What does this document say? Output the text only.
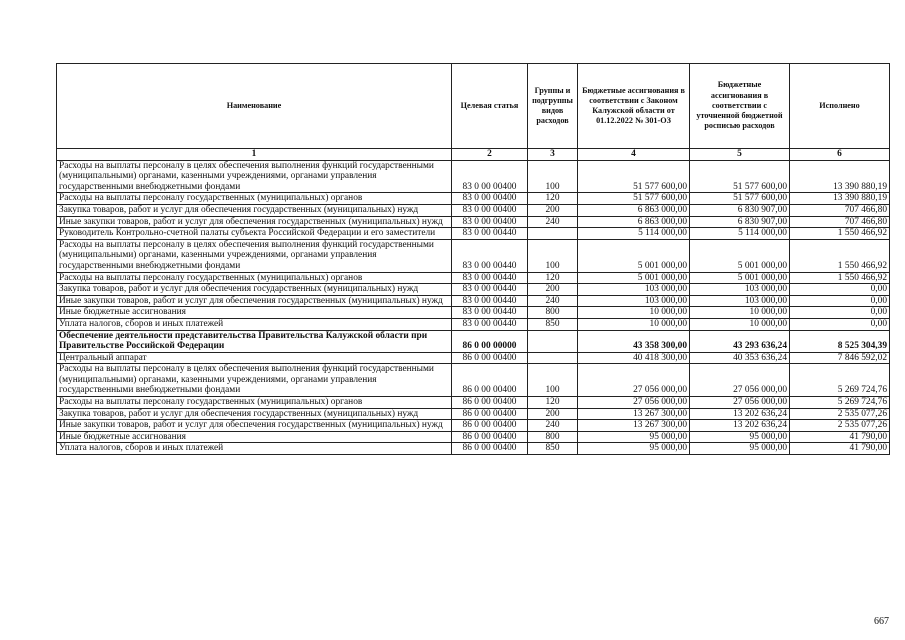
Наименование	Целевая статья	Группы и подгруппы видов расходов	Бюджетные ассигнования в соответствии с Законом Калужской области от 01.12.2022 № 301-ОЗ	Бюджетные ассигнования в соответствии с уточненной бюджетной росписью расходов	Исполнено
1	2	3	4	5	6
Расходы на выплаты персоналу в целях обеспечения выполнения функций государственными (муниципальными) органами, казенными учреждениями, органами управления государственными внебюджетными фондами	83 0 00 00400	100	51 577 600,00	51 577 600,00	13 390 880,19
Расходы на выплаты персоналу государственных (муниципальных) органов	83 0 00 00400	120	51 577 600,00	51 577 600,00	13 390 880,19
Закупка товаров, работ и услуг для обеспечения государственных (муниципальных) нужд	83 0 00 00400	200	6 863 000,00	6 830 907,00	707 466,80
Иные закупки товаров, работ и услуг для обеспечения государственных (муниципальных) нужд	83 0 00 00400	240	6 863 000,00	6 830 907,00	707 466,80
Руководитель Контрольно-счетной палаты субъекта Российской Федерации и его заместители	83 0 00 00440		5 114 000,00	5 114 000,00	1 550 466,92
Расходы на выплаты персоналу в целях обеспечения выполнения функций государственными (муниципальными) органами, казенными учреждениями, органами управления государственными внебюджетными фондами	83 0 00 00440	100	5 001 000,00	5 001 000,00	1 550 466,92
Расходы на выплаты персоналу государственных (муниципальных) органов	83 0 00 00440	120	5 001 000,00	5 001 000,00	1 550 466,92
Закупка товаров, работ и услуг для обеспечения государственных (муниципальных) нужд	83 0 00 00440	200	103 000,00	103 000,00	0,00
Иные закупки товаров, работ и услуг для обеспечения государственных (муниципальных) нужд	83 0 00 00440	240	103 000,00	103 000,00	0,00
Иные бюджетные ассигнования	83 0 00 00440	800	10 000,00	10 000,00	0,00
Уплата налогов, сборов и иных платежей	83 0 00 00440	850	10 000,00	10 000,00	0,00
Обеспечение деятельности представительства Правительства Калужской области при Правительстве Российской Федерации	86 0 00 00000		43 358 300,00	43 293 636,24	8 525 304,39
Центральный аппарат	86 0 00 00400		40 418 300,00	40 353 636,24	7 846 592,02
Расходы на выплаты персоналу в целях обеспечения выполнения функций государственными (муниципальными) органами, казенными учреждениями, органами управления государственными внебюджетными фондами	86 0 00 00400	100	27 056 000,00	27 056 000,00	5 269 724,76
Расходы на выплаты персоналу государственных (муниципальных) органов	86 0 00 00400	120	27 056 000,00	27 056 000,00	5 269 724,76
Закупка товаров, работ и услуг для обеспечения государственных (муниципальных) нужд	86 0 00 00400	200	13 267 300,00	13 202 636,24	2 535 077,26
Иные закупки товаров, работ и услуг для обеспечения государственных (муниципальных) нужд	86 0 00 00400	240	13 267 300,00	13 202 636,24	2 535 077,26
Иные бюджетные ассигнования	86 0 00 00400	800	95 000,00	95 000,00	41 790,00
Уплата налогов, сборов и иных платежей	86 0 00 00400	850	95 000,00	95 000,00	41 790,00
667
